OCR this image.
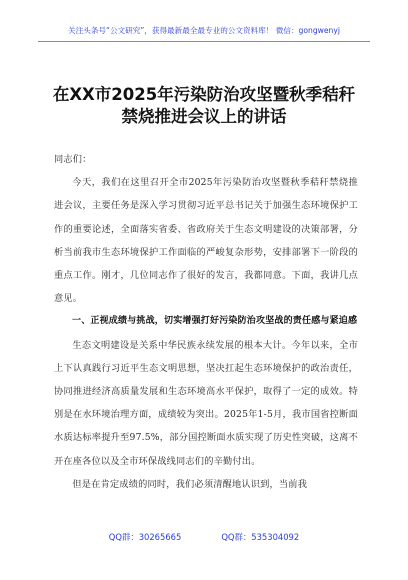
关注头条号“公文研究”，获得最新最全最专业的公文资料库！ 微信：gongwenyj
在XX市2025年污染防治攻坚暨秋季秸秆
禁烧推进会议上的讲话

同志们：

今天，我们在这里召开全市2025年污染防治攻坚暨秋季秸秆禁烧推进会议，主要任务是深入学习贯彻习近平总书记关于加强生态环境保护工作的重要论述，全面落实省委、省政府关于生态文明建设的决策部署，分析当前我市生态环境保护工作面临的严峻复杂形势，安排部署下一阶段的重点工作。刚才，几位同志作了很好的发言，我都同意。下面，我讲几点意见。

一、正视成绩与挑战，切实增强打好污染防治攻坚战的责任感与紧迫感

生态文明建设是关系中华民族永续发展的根本大计。今年以来，全市上下认真践行习近平生态文明思想，坚决扛起生态环境保护的政治责任，协同推进经济高质量发展和生态环境高水平保护，取得了一定的成效。特别是在水环境治理方面，成绩较为突出。2025年1-5月，我市国省控断面水质达标率提升至97.5%，部分国控断面水质实现了历史性突破，这离不开在座各位以及全市环保战线同志们的辛勤付出。

但是在肯定成绩的同时，我们必须清醒地认识到，当前我

QQ群：30265665	QQ群：535304092
